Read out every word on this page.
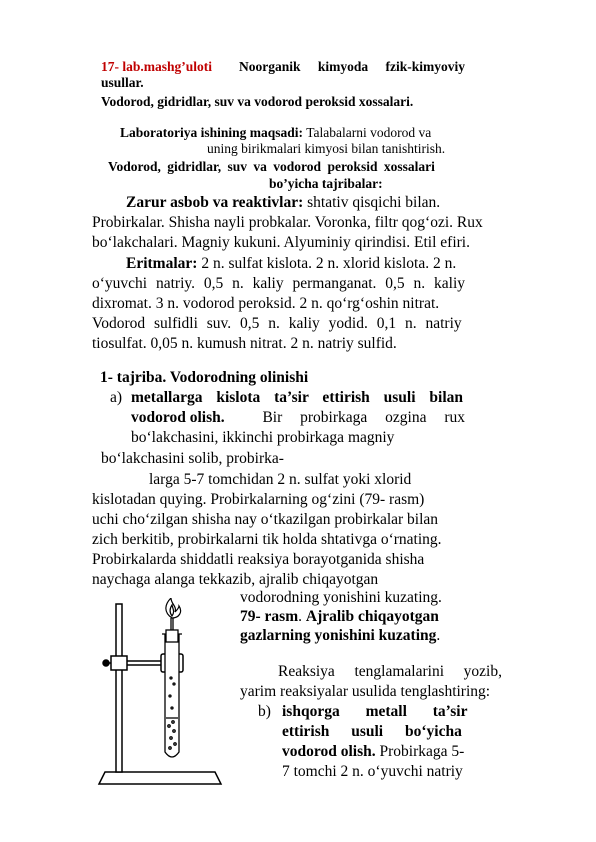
17- lab.mashg’uloti Noorganik kimyoda fzik-kimyoviy
usullar.
Vodorod, gidridlar, suv va vodorod peroksid xossalari.
Laboratoriya ishining maqsadi: Talabalarni vodorod va
uning birikmalari kimyosi bilan tanishtirish.
Vodorod, gidridlar, suv va vodorod peroksid xossalari
bo’yicha tajribalar:
Zarur asbob va reaktivlar: shtativ qisqichi bilan.
Probirkalar. Shisha nayli probkalar. Voronka, filtr qog‘ozi. Rux
bo‘lakchalari. Magniy kukuni. Alyuminiy qirindisi. Etil efiri.
Eritmalar: 2 n. sulfat kislota. 2 n. xlorid kislota. 2 n.
o‘yuvchi natriy. 0,5 n. kaliy permanganat. 0,5 n. kaliy
dixromat. 3 n. vodorod peroksid. 2 n. qo‘rg‘oshin nitrat.
Vodorod sulfidli suv. 0,5 n. kaliy yodid. 0,1 n. natriy
tiosulfat. 0,05 n. kumush nitrat. 2 n. natriy sulfid.
1- tajriba. Vodorodning olinishi
a) metallarga kislota ta’sir ettirish usuli bilan
vodorod olish. Bir probirkaga ozgina rux
bo‘lakchasini, ikkinchi probirkaga magniy
bo‘lakchasini solib, probirka-
larga 5-7 tomchidan 2 n. sulfat yoki xlorid
kislotadan quying. Probirkalarning og‘zini (79- rasm)
uchi cho‘zilgan shisha nay o‘tkazilgan probirkalar bilan
zich berkitib, probirkalarni tik holda shtativga o‘rnating.
Probirkalarda shiddatli reaksiya borayotganida shisha
naychaga alanga tekkazib, ajralib chiqayotgan
vodorodning yonishini kuzating.
79- rasm. Ajralib chiqayotgan
gazlarning yonishini kuzating.
Reaksiya tenglamalarini yozib,
yarim reaksiyalar usulida tenglashtiring:
b) ishqorga metall ta’sir
ettirish usuli bo‘yicha
vodorod olish. Probirkaga 5-
7 tomchi 2 n. o‘yuvchi natriy
